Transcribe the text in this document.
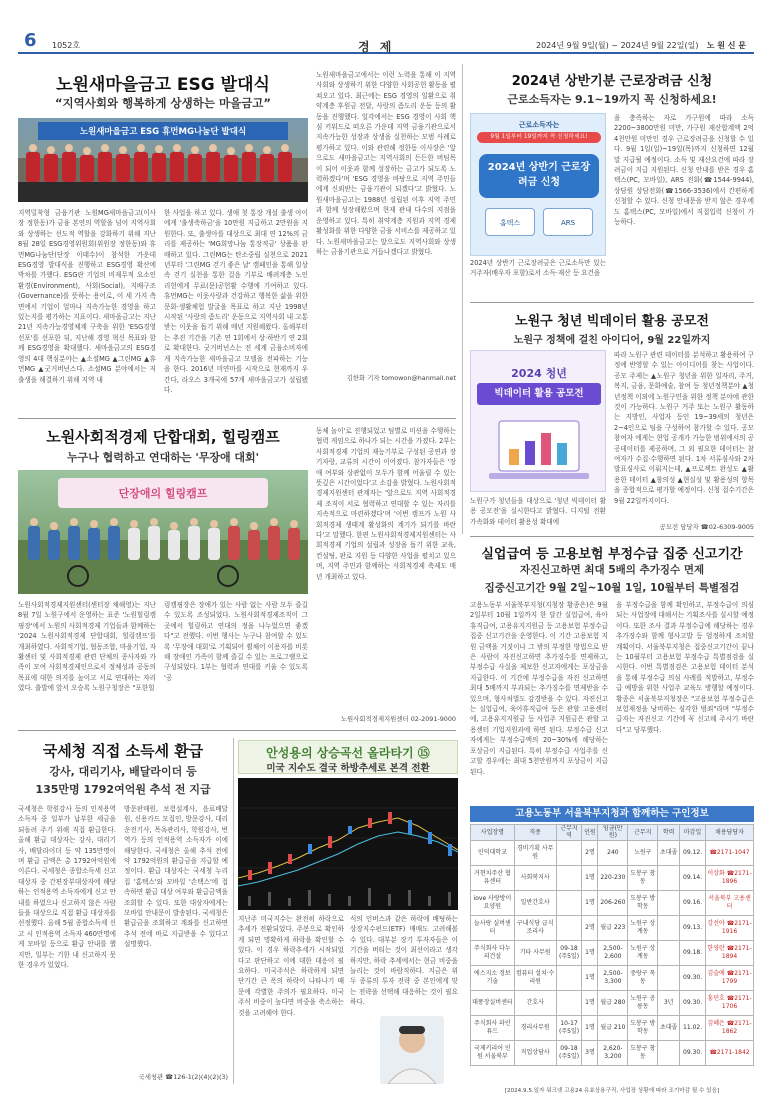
6 1052호	경 제	2024년 9월 9일(월) ~ 2024년 9월 22일(일) 노 원 신 문
노원새마을금고 ESG 발대식
“지역사회와 행복하게 상생하는 마을금고”
노원새마을금고 ESG 휴먼MG나눔단 발대식
지역밀착형 금융기관 노원MG새마을금고(이사장 정한동)가 금융 본연의 역할을 넘어 지역사회와 상생하는 선도적 역할을 강화하기 위해 지난 8월 28일 ESG경영위원회(위원장 정한동)와 휴먼MG나눔단(단장 이태수)이 참석한 가운데 ESG경영 발대식을 진행하고 ESG경영 확산에 박차를 가했다. ESG란 기업의 비재무적 요소인 환경(Environment), 사회(Social), 지배구조(Governance)를 뜻하는 용어로, 이 세 가지 측면에서 기업이 얼마나 지속가능한 경영을 하고 있는지를 평가하는 지표이다. 새마을금고는 지난 21년 지속가능경영체계 구축을 위한 'ESG경영 선포'를 선포한 뒤, 지난해 경영 혁신 목표와 함께 ESG경영을 확대했다. 새마을금고의 ESG경영의 4대 핵심분야는 ▲소셜MG ▲그린MG ▲휴먼MG ▲굿거버넌스다. 소셜MG 분야에서는 저출생을 해결하기 위해 지역 내
한 사업을 하고 있다. 생애 첫 통장 개설 출생 아이에게 '출생축하금'을 10만원 지급하고 2만원을 지원한다. 또, 출생아를 대상으로 최대 연 12%의 금리를 제공하는 'MG희망나눔 통장적금' 상품을 판매하고 있다. 그린MG는 탄소중립 실천으로 2021년부터 '그린MG 걷기 좋은 날' 캠페인을 통해 일상 속 걷기 실천을 통한 걸음 기부로 배려계층 노인 리헌에게 무료(문)공헌활 수행에 기여하고 있다. 휴먼MG는 이웃사랑과 건강하고 행복한 삶을 위한 문화·생활체험 발굴을 목표로 하고 지난 1998년 시작된 '사랑의 좀도리' 운동으로 지역사회 내 고통 받는 이웃을 돕기 위해 매년 지원해왔다. 올해부터는 추진 기간을 기존 연 1회에서 상·하반기 연 2회로 확대한다. 굿거버넌스는 전 세계 금융소비자에게 지속가능한 새마을금고 모델을 전파하는 기능을 한다. 2016년 미얀마를 시작으로 현재까지 우간다, 라오스 3개국에 57개 새마을금고가 설립됐다.
노원새마을금고에서는 이런 노력을 통해 이 지역사회와 상생하기 위한 다양한 사회공헌 활동을 펼쳐오고 있다. 최근에는 ESG 경영의 일환으로 취약계층 후원금 전달, 사랑의 좀도리 운동 등의 활동을 진행했다. 일각에서는 ESG 경영이 사회 핵심 키워드로 떠오른 가운데 지역 금융기관으로서 지속가능한 성장과 상생을 실천하는 모범 사례로 평가하고 있다. 이와 관련해 정한동 이사장은 '앞으로도 새마을금고는 지역사회의 든든한 버팀목이 되어 이웃과 함께 성장하는 금고가 되도록 노력하겠다'며 'ESG 경영을 바탕으로 지역 주민들에게 신뢰받는 금융기관이 되겠다'고 밝혔다. 노원새마을금고는 1988년 설립된 이후 지역 주민과 함께 성장해왔으며 현재 관내 다수의 지점을 운영하고 있다. 특히 취약계층 지원과 지역 경제 활성화를 위한 다양한 금융 서비스를 제공하고 있다. 노원새마을금고는 앞으로도 지역사회와 상생하는 금융기관으로 거듭나겠다고 밝혔다.
김한화 기자 tomowon@hanmail.net
2024년 상반기분 근로장려금 신청
근로소득자는 9.1~19까지 꼭 신청하세요!
근로소득자는
9월 1일부터 19일까지 꼭 신청하세요!
2024년 상반기 근로장려금 신청
홈택스	ARS
2024년 상반기 근로장려금은 근로소득만 있는 거주자(배우자 포함)로서 소득·재산 등 요건을
을 충족하는 자로 가구원에 따라 소득 2200~3800만원 미만, 가구원 재산합계액 2억 4천만원 미만인 경우 근로장려금을 신청할 수 있다. 9월 1일(일)~19일(목)까지 신청하면 12월 말 지급될 예정이다. 소득 및 재산요건에 따라 장려금이 지급 지원된다. 신청 안내를 받은 경우 홈택스(PC, 모바일), ARS 전화(☎1544-9944), 상담원 상담전화(☎1566-3536)에서 간편하게 신청할 수 있다. 신청 안내문을 받지 않은 경우에도 홈택스(PC, 모바일)에서 직접입력 신청이 가능하다.
노원구 청년 빅데이터 활용 공모전
노원구 정책에 걸친 아이디어, 9월 22일까지
2024 청년
빅데이터 활용 공모전
노원구가 청년들을 대상으로 '청년 빅데이터 활용 공모전'을 실시한다고 밝혔다. 디지털 전환 가속화와 데이터 활용성 확대에
따라 노원구 관련 데이터를 분석하고 활용하여 구정에 반영할 수 있는 아이디어를 찾는 사업이다. 공모 주제는 ▲노원구 청년을 위한 일자리, 주거, 복지, 금융, 문화예술, 참여 등 청년정책분야 ▲청년정책 이외에 노원구민을 위한 정책 분야에 관한 것이 가능하다. 노원구 거주 또는 노원구 활동하는 지방인, 사업자 등인 19~39세의 청년은 2~4인으로 팀을 구성하여 참가할 수 있다. 공모 참여자 에게는 현업 공개가 가능한 범위에서의 공공데이터를 제공하며, 그 외 필요한 데이터는 참여자가 수집·수행하면 된다. 1차 서류심사와 2차 발표심사로 이뤄지는데, ▲프로젝트 완성도 ▲활용한 데이터 ▲창의성 ▲현실성 및 활용성의 항목을 종합적으로 평가할 예정이다. 신청 접수기간은 9월 22일까지이다.
공모전 담당자 ☎02-6309-9005
노원사회적경제 단합대회, 힐링캠프
누구나 협력하고 연대하는 '무장애 대회'
단장애의 힐링캠프
노원사회적경제지원센터(센터장 채해영)는 지난 8월 7일 노원구에서 운영하는 표준 '노원힐링캠핑장'에서 노원의 사회적경제 기업들과 함께하는 '2024 노원사회적경제 단합대회, 힐링캠프'를 개최하였다. 사회적기업, 협동조합, 마을기업, 자활센터 및 사회적경제 관련 단체의 종사자와 가족이 모여 사회적경제인으로서 정체성과 공동의 목표에 대한 의지를 높이고 서로 연대하는 자리였다. 출발에 앞서 오승록 노원구청장은 "포한힐
링캠핑장은 장애가 있는 사람 없는 사람 모두 즐길 수 있도록 조성되었다. 노원사회적경제조직이 그곳에서 힐링하고 연대의 정을 나누었으면 좋겠다"고 전했다. 이번 행사는 누구나 참여할 수 있도록 '무장애 대회'로 기획되어 휠체어 이용자를 비롯해 장애인 가족이 함께 즐길 수 있는 프로그램으로 구성되었다. 1부는 협력과 연대를 키울 수 있도록 '공
동체 놀이'로 진행되었고 팀별로 미션을 수행하는 협력 게임으로 하나가 되는 시간을 가졌다. 2부는 사회적경제 기업의 재능기부로 구성된 공연과 장기자랑, 교류의 시간이 이어졌다. 참가자들은 '장애 여부와 상관없이 모두가 함께 어울릴 수 있는 뜻깊은 시간이었다'고 소감을 밝혔다. 노원사회적경제지원센터 관계자는 '앞으로도 지역 사회적경제 조직이 서로 협력하고 연대할 수 있는 자리를 지속적으로 마련하겠다'며 '이번 캠프가 노원 사회적경제 생태계 활성화의 계기가 되기를 바란다'고 말했다. 한편 노원사회적경제지원센터는 사회적경제 기업의 설립과 성장을 돕기 위한 교육, 컨설팅, 판로 지원 등 다양한 사업을 펼치고 있으며, 지역 주민과 함께하는 사회적경제 축제도 매년 개최하고 있다.
노원사회적경제지원센터 02-2091-9000
실업급여 등 고용보험 부정수급 집중 신고기간
자진신고하면 최대 5배의 추가징수 면제
집중신고기간 9월 2일~10월 1일, 10월부터 특별점검
고용노동부 서울북부지청(지청장 황종은)은 9월 2일부터 10월 1일까지 한 달간 실업급여, 육아휴직급여, 고용유지지원금 등 고용보험 부정수급 집중 신고기간을 운영한다. 이 기간 고용보험 지원 금액을 거짓이나 그 밖의 부정한 방법으로 받은 사람이 자진신고하면 추가징수를 면제하고, 부정수급 사실을 제보한 신고자에게는 포상금을 지급한다. 이 기간에 부정수급을 자진 신고하면 최대 5배까지 부과되는 추가징수를 면제받을 수 있으며, 형사처벌도 감경받을 수 있다. 자진신고는 실업급여, 육아휴직급여 등은 관할 고용센터에, 고용유지지원금 등 사업주 지원금은 관할 고용센터 기업지원과에 하면 된다. 부정수급 신고자에게는 부정수급액의 20~30%에 해당하는 포상금이 지급된다. 특히 부정수급 사업주를 신고할 경우에는 최대 5천만원까지 포상금이 지급된다.
을 부정수급을 함께 확인하고, 부정수급이 의심되는 사업장에 대해서는 기획조사를 실시할 예정이다. 또한 조사 결과 부정수급에 해당하는 경우 추가징수와 함께 형사고발 등 엄정하게 조치할 계획이다. 서울북부지청은 집중신고기간이 끝나는 10월부터 고용보험 부정수급 특별점검을 실시한다. 이번 특별점검은 고용보험 데이터 분석을 통해 부정수급 의심 사례를 적발하고, 부정수급 예방을 위한 사업주 교육도 병행할 예정이다. 황종은 서울북부지청장은 "고용보험 부정수급은 보험재정을 낭비하는 심각한 범죄"라며 "부정수급자는 자진신고 기간에 꼭 신고해 주시기 바란다"고 당부했다.
국세청 직접 소득세 환급
강사, 대리기사, 배달라이더 등
135만명 1792여억원 추석 전 지급
국세청은 학원강사 등의 인적용역 소득자 중 일부가 납부한 세금을 되돌려 주기 위해 직접 환급한다. 올해 환급 대상자는 강사, 대리기사, 배달라이더 등 약 135만명이며 환급 금액은 총 1792여억원에 이른다. 국세청은 종합소득세 신고 대상자 중 간편장부대상자에 해당하는 인적용역 소득자에게 신고 안내를 하였으나 신고하지 않은 사람들을 대상으로 직접 환급 대상자를 선정했다. 올해 5월 종합소득세 신고 시 인적용역 소득자 460만명에게 모바일 등으로 환급 안내를 했지만, 일부는 기한 내 신고하지 못한 경우가 있었다.
방문판매원, 보험설계사, 음료배달원, 신용카드 모집인, 방문강사, 대리운전기사, 목욕관리사, 학원강사, 번역가 등의 인적용역 소득자가 이에 해당한다. 국세청은 올해 추석 전에 약 1792억원의 환급금을 지급할 예정이다. 환급 대상자는 국세청 누리집 '홈택스'와 모바일 '손택스'에 접속하면 환급 대상 여부와 환급금액을 조회할 수 있다. 또한 대상자에게는 모바일 안내문이 발송된다. 국세청은 환급금을 조회하고 계좌를 신고하면 추석 전에 바로 지급받을 수 있다고 설명했다.
국세청관 ☎126-1(2)(4)(2)(3)
안성용의 상승곡선 올라타기 ⑮
미국 지수도 결국 하방추세로 본격 전환
지난주 미국지수는 완전히 하락으로 추세가 전환되었다. 주봉으로 확인하게 되면 명확하게 하락을 확인할 수 있다. 이 경우 하락추세가 시작되었다고 판단하고 이에 대한 대응이 필요하다. 미국주식은 하락하게 되면 단기간 큰 폭의 하락이 나타나기 때문에 각별한 주의가 필요하다. 미국주식 비중이 높다면 비중을 축소하는 것을 고려해야 한다.
식의 인버스과 같은 하락에 배팅하는 상장지수펀드(ETF) 매매도 고려해볼 수 있다. 대부분 장기 투자자들은 이 기간을 버티는 것이 최선이라고 생각하지만, 하락 추세에서는 현금 비중을 늘리는 것이 바람직하다. 지금은 위 두 종류의 투자 전략 중 본인에게 맞는 전략을 선택해 대응하는 것이 필요하다.
고용노동부 서울북부지청과 함께하는 구인정보
사업장명	직종	근무지역	인원	임금(만원)	근무지	학력	마감일	채용담당자
인덕대학교	경비기획 사무원		2명	240	노원구	초대졸	09.12.	☎2171-1047
거현치주산 협유센터	사회복지사		1명	220-230	도봉구 창동		09.14.	이상화 ☎2171-1896
iove 사랑방이 요양원	일반간호사		1명	206-260	도봉구 방학동		09.16.	서울북부 고용센터
늘사랑 실버센터	구내식당 급식조리사		2명	월급 223	노원구 상계동		09.13.	강선아 ☎2171-1916
주식회사 다누리건설	기타 사무원	09-18 (주5일)	1명	2,500-2,600	노원구 상계동		09.18.	한영란 ☎2171-1894
에스지소 정보기술	컴퓨터 설치·수리원		1명	2,500-3,300	중랑구 묵동		09.30.	김슬애 ☎2171-1799
대풍장실버센터	간호사		1명	월급 280	노원구 공릉동	3년	09.30.	홍민호 ☎2171-1706
주식회사 파인튜드	경리사무원	10-17 (주5일)	1명	월급 210	도봉구 방학동	초대졸	11.02.	김혜은 ☎2171-1862
국제키리어 인원 서울북부	직업상담사	09-18 (주5일)	3명	2,620-3,200	도봉구 창동		09.30.	☎2171-1842
[2024.9.5.일자 워크넷 고용24 유효상용구직, 사업장 상황에 따라 조기마감 될 수 있음]
